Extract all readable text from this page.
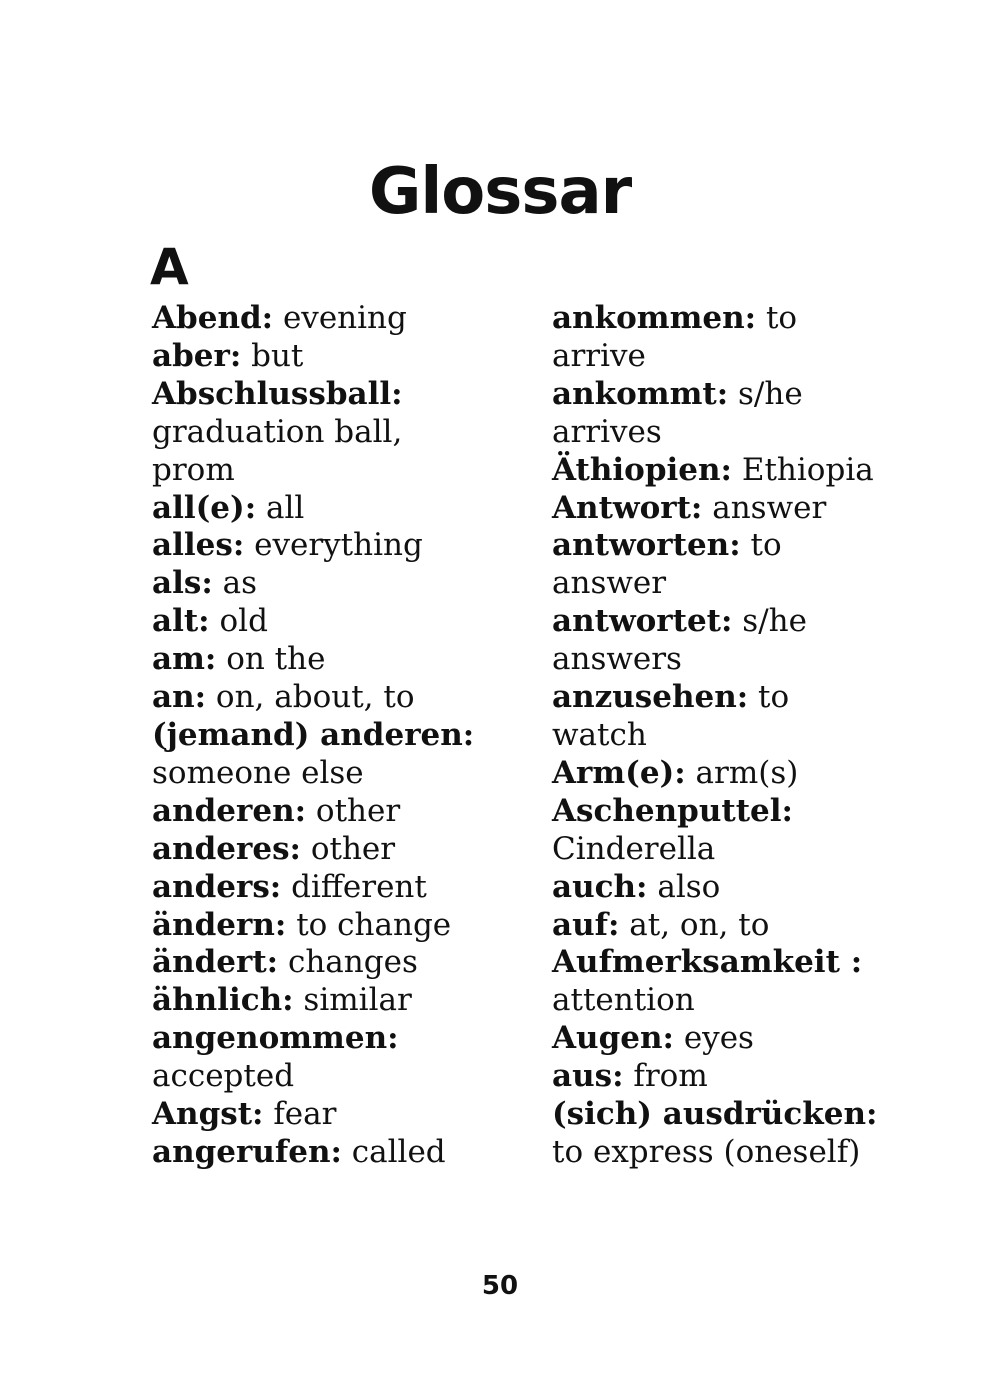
Glossar
A
Abend: evening
aber: but
Abschlussball: graduation ball, prom
all(e): all
alles: everything
als: as
alt: old
am: on the
an: on, about, to
(jemand) anderen: someone else
anderen: other
anderes: other
anders: different
ändern: to change
ändert: changes
ähnlich: similar
angenommen: accepted
Angst: fear
angerufen: called
ankommen: to arrive
ankommt: s/he arrives
Äthiopien: Ethiopia
Antwort: answer
antworten: to answer
antwortet: s/he answers
anzusehen: to watch
Arm(e): arm(s)
Aschenputtel: Cinderella
auch: also
auf: at, on, to
Aufmerksamkeit : attention
Augen: eyes
aus: from
(sich) ausdrücken: to express (oneself)
50
